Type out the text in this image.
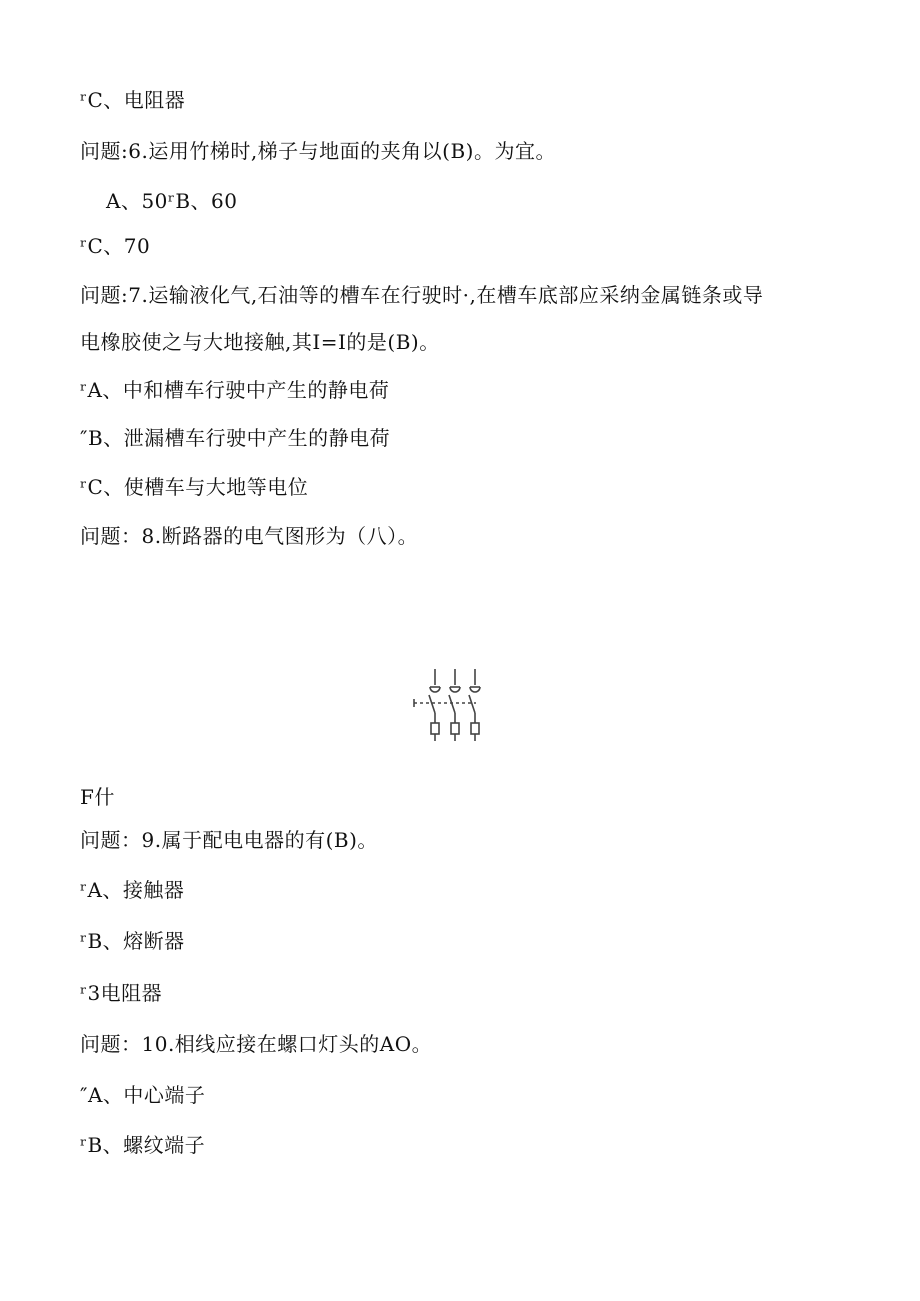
ʳC、电阻器
问题:6.运用竹梯时,梯子与地面的夹角以(B)。为宜。
A、50ʳB、60
ʳC、70
问题:7.运输液化气,石油等的槽车在行驶时·,在槽车底部应采纳金属链条或导
电橡胶使之与大地接触,其I=I的是(B)。
ʳA、中和槽车行驶中产生的静电荷
″B、泄漏槽车行驶中产生的静电荷
ʳC、使槽车与大地等电位
问题：8.断路器的电气图形为（八）。
F什
问题：9.属于配电电器的有(B)。
ʳA、接触器
ʳB、熔断器
ʳ3电阻器
问题：10.相线应接在螺口灯头的AO。
″A、中心端子
ʳB、螺纹端子
